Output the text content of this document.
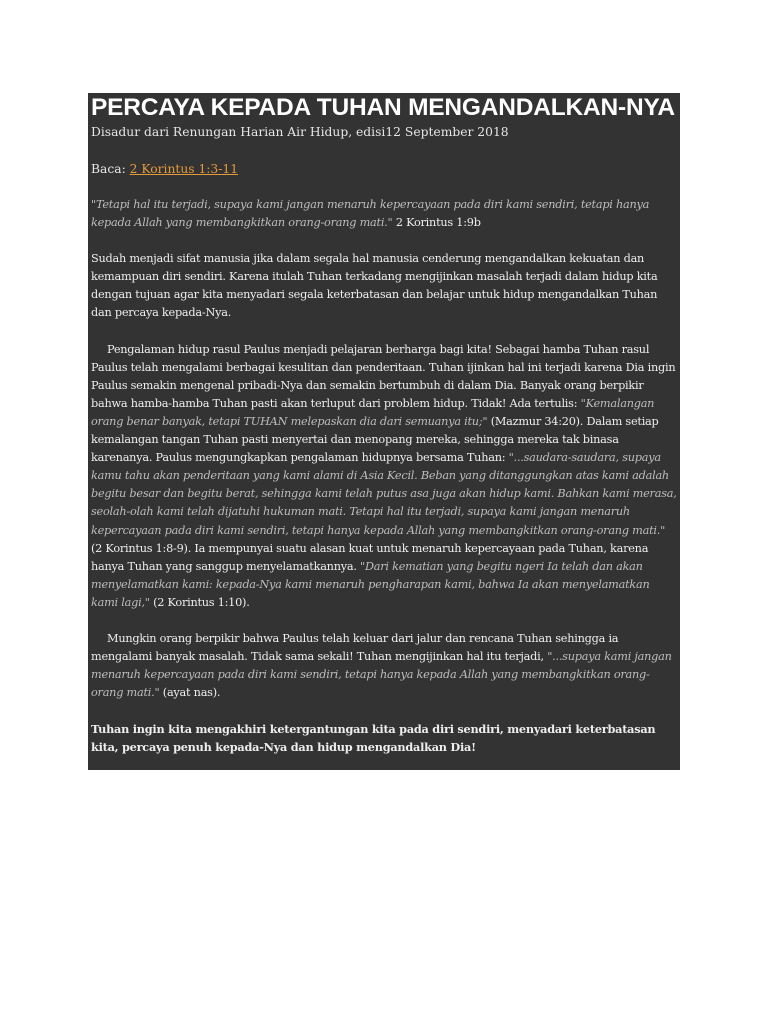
PERCAYA KEPADA TUHAN MENGANDALKAN-NYA
Disadur dari Renungan Harian Air Hidup, edisi12 September 2018
Baca: 2 Korintus 1:3-11

"Tetapi hal itu terjadi, supaya kami jangan menaruh kepercayaan pada diri kami sendiri, tetapi hanya kepada Allah yang membangkitkan orang-orang mati." 2 Korintus 1:9b

Sudah menjadi sifat manusia jika dalam segala hal manusia cenderung mengandalkan kekuatan dan kemampuan diri sendiri. Karena itulah Tuhan terkadang mengijinkan masalah terjadi dalam hidup kita dengan tujuan agar kita menyadari segala keterbatasan dan belajar untuk hidup mengandalkan Tuhan dan percaya kepada-Nya.

Pengalaman hidup rasul Paulus menjadi pelajaran berharga bagi kita! Sebagai hamba Tuhan rasul Paulus telah mengalami berbagai kesulitan dan penderitaan. Tuhan ijinkan hal ini terjadi karena Dia ingin Paulus semakin mengenal pribadi-Nya dan semakin bertumbuh di dalam Dia. Banyak orang berpikir bahwa hamba-hamba Tuhan pasti akan terluput dari problem hidup. Tidak! Ada tertulis: "Kemalangan orang benar banyak, tetapi TUHAN melepaskan dia dari semuanya itu;" (Mazmur 34:20). Dalam setiap kemalangan tangan Tuhan pasti menyertai dan menopang mereka, sehingga mereka tak binasa karenanya. Paulus mengungkapkan pengalaman hidupnya bersama Tuhan: "...saudara-saudara, supaya kamu tahu akan penderitaan yang kami alami di Asia Kecil. Beban yang ditanggungkan atas kami adalah begitu besar dan begitu berat, sehingga kami telah putus asa juga akan hidup kami. Bahkan kami merasa, seolah-olah kami telah dijatuhi hukuman mati. Tetapi hal itu terjadi, supaya kami jangan menaruh kepercayaan pada diri kami sendiri, tetapi hanya kepada Allah yang membangkitkan orang-orang mati." (2 Korintus 1:8-9). Ia mempunyai suatu alasan kuat untuk menaruh kepercayaan pada Tuhan, karena hanya Tuhan yang sanggup menyelamatkannya. "Dari kematian yang begitu ngeri Ia telah dan akan menyelamatkan kami: kepada-Nya kami menaruh pengharapan kami, bahwa Ia akan menyelamatkan kami lagi," (2 Korintus 1:10).

Mungkin orang berpikir bahwa Paulus telah keluar dari jalur dan rencana Tuhan sehingga ia mengalami banyak masalah. Tidak sama sekali! Tuhan mengijinkan hal itu terjadi, "...supaya kami jangan menaruh kepercayaan pada diri kami sendiri, tetapi hanya kepada Allah yang membangkitkan orang-orang mati." (ayat nas).

Tuhan ingin kita mengakhiri ketergantungan kita pada diri sendiri, menyadari keterbatasan kita, percaya penuh kepada-Nya dan hidup mengandalkan Dia!
